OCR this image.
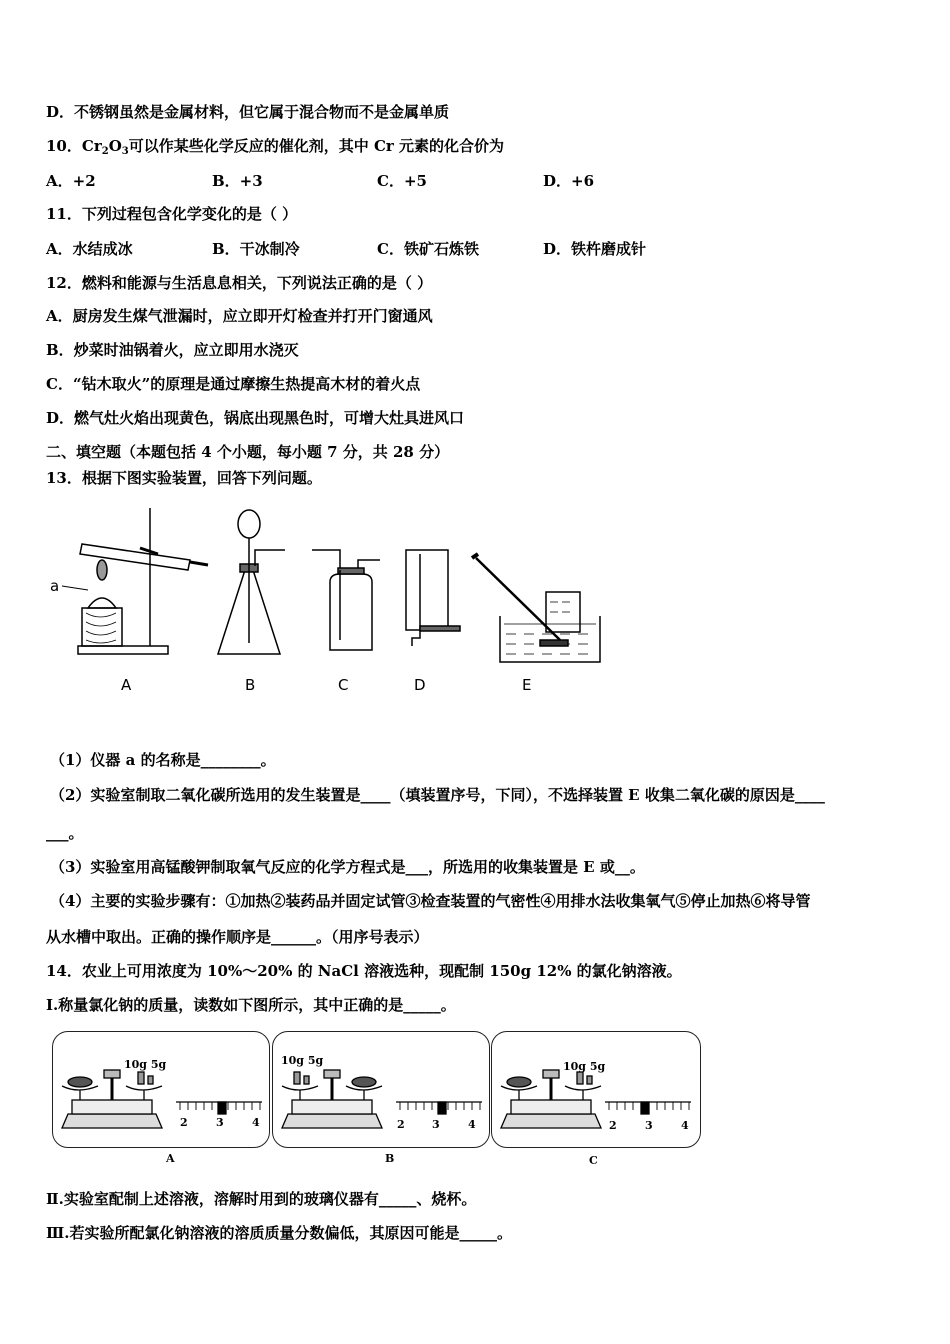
D．不锈钢虽然是金属材料，但它属于混合物而不是金属单质
10．$Cr_2O_3$可以作某些化学反应的催化剂，其中 Cr 元素的化合价为
A．+2	B．+3	C．+5	D．+6
11．下列过程包含化学变化的是（ ）
A．水结成冰	B．干冰制冷	C．铁矿石炼铁	D．铁杵磨成针
12．燃料和能源与生活息息相关，下列说法正确的是（ ）
A．厨房发生煤气泄漏时，应立即开灯检查并打开门窗通风
B．炒菜时油锅着火，应立即用水浇灭
C．“钻木取火”的原理是通过摩擦生热提高木材的着火点
D．燃气灶火焰出现黄色，锅底出现黑色时，可增大灶具进风口
二、填空题（本题包括 4 个小题，每小题 7 分，共 28 分）
13．根据下图实验装置，回答下列问题。
a
A	B	C	D	E
（1）仪器 a 的名称是________。
（2）实验室制取二氧化碳所选用的发生装置是____（填装置序号，下同），不选择装置 E 收集二氧化碳的原因是____
___。
（3）实验室用高锰酸钾制取氧气反应的化学方程式是___，所选用的收集装置是 E 或__。
（4）主要的实验步骤有：①加热②装药品并固定试管③检查装置的气密性④用排水法收集氧气⑤停止加热⑥将导管
从水槽中取出。正确的操作顺序是______。（用序号表示）
14．农业上可用浓度为 10%～20% 的 NaCl 溶液选种，现配制 150g 12% 的氯化钠溶液。
Ⅰ.称量氯化钠的质量，读数如下图所示，其中正确的是_____。
10g 5g	10g 5g	10g 5g
2	3	4	2 3	4	2	3	4
A	B	C
Ⅱ.实验室配制上述溶液，溶解时用到的玻璃仪器有_____、烧杯。
Ⅲ.若实验所配氯化钠溶液的溶质质量分数偏低，其原因可能是_____。
